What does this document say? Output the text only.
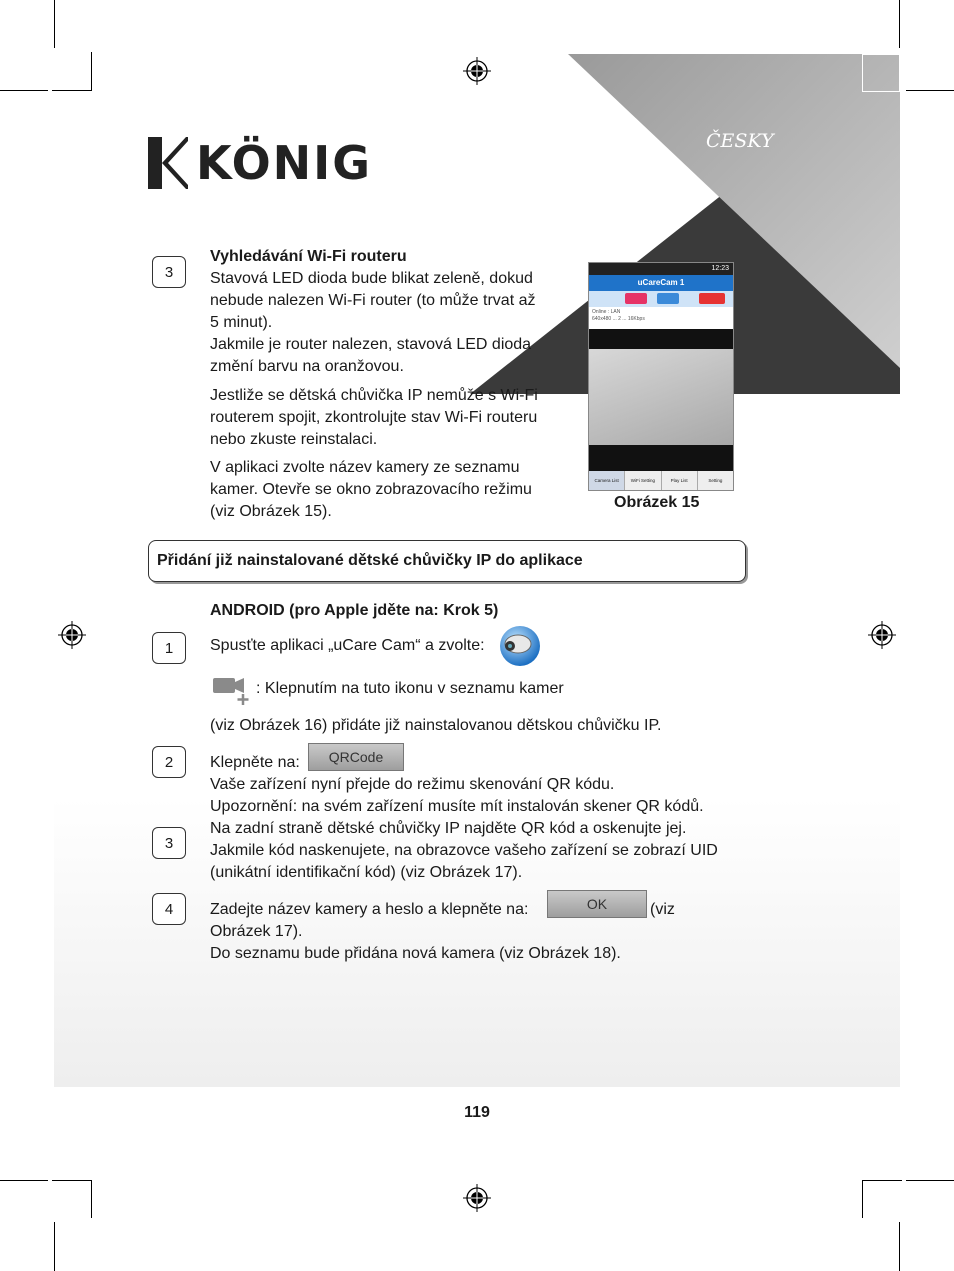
ČESKY
KÖNIG
3
Vyhledávání Wi-Fi routeru
Stavová LED dioda bude blikat zeleně, dokud
nebude nalezen Wi-Fi router (to může trvat až
5 minut).
Jakmile je router nalezen, stavová LED dioda
změní barvu na oranžovou.
Jestliže se dětská chůvička IP nemůže s Wi-Fi
routerem spojit, zkontrolujte stav Wi-Fi routeru
nebo zkuste reinstalaci.
V aplikaci zvolte název kamery ze seznamu
kamer. Otevře se okno zobrazovacího režimu
(viz Obrázek 15).
12:23
uCareCam 1
Online : LAN
640x480 ... 2 ... 16Kbps
Camera List	WiFi Setting	Play List	Setting
Obrázek 15
Přidání již nainstalované dětské chůvičky IP do aplikace
ANDROID (pro Apple jděte na: Krok 5)
1	Spusťte aplikaci „uCare Cam“ a zvolte:
: Klepnutím na tuto ikonu v seznamu kamer
(viz Obrázek 16) přidáte již nainstalovanou dětskou chůvičku IP.
2	Klepněte na:	QRCode
Vaše zařízení nyní přejde do režimu skenování QR kódu.
Upozornění: na svém zařízení musíte mít instalován skener QR kódů.
3
Na zadní straně dětské chůvičky IP najděte QR kód a oskenujte jej.
Jakmile kód naskenujete, na obrazovce vašeho zařízení se zobrazí UID
(unikátní identifikační kód) (viz Obrázek 17).
4	Zadejte název kamery a heslo a klepněte na:	OK	(viz
Obrázek 17).
Do seznamu bude přidána nová kamera (viz Obrázek 18).
119
